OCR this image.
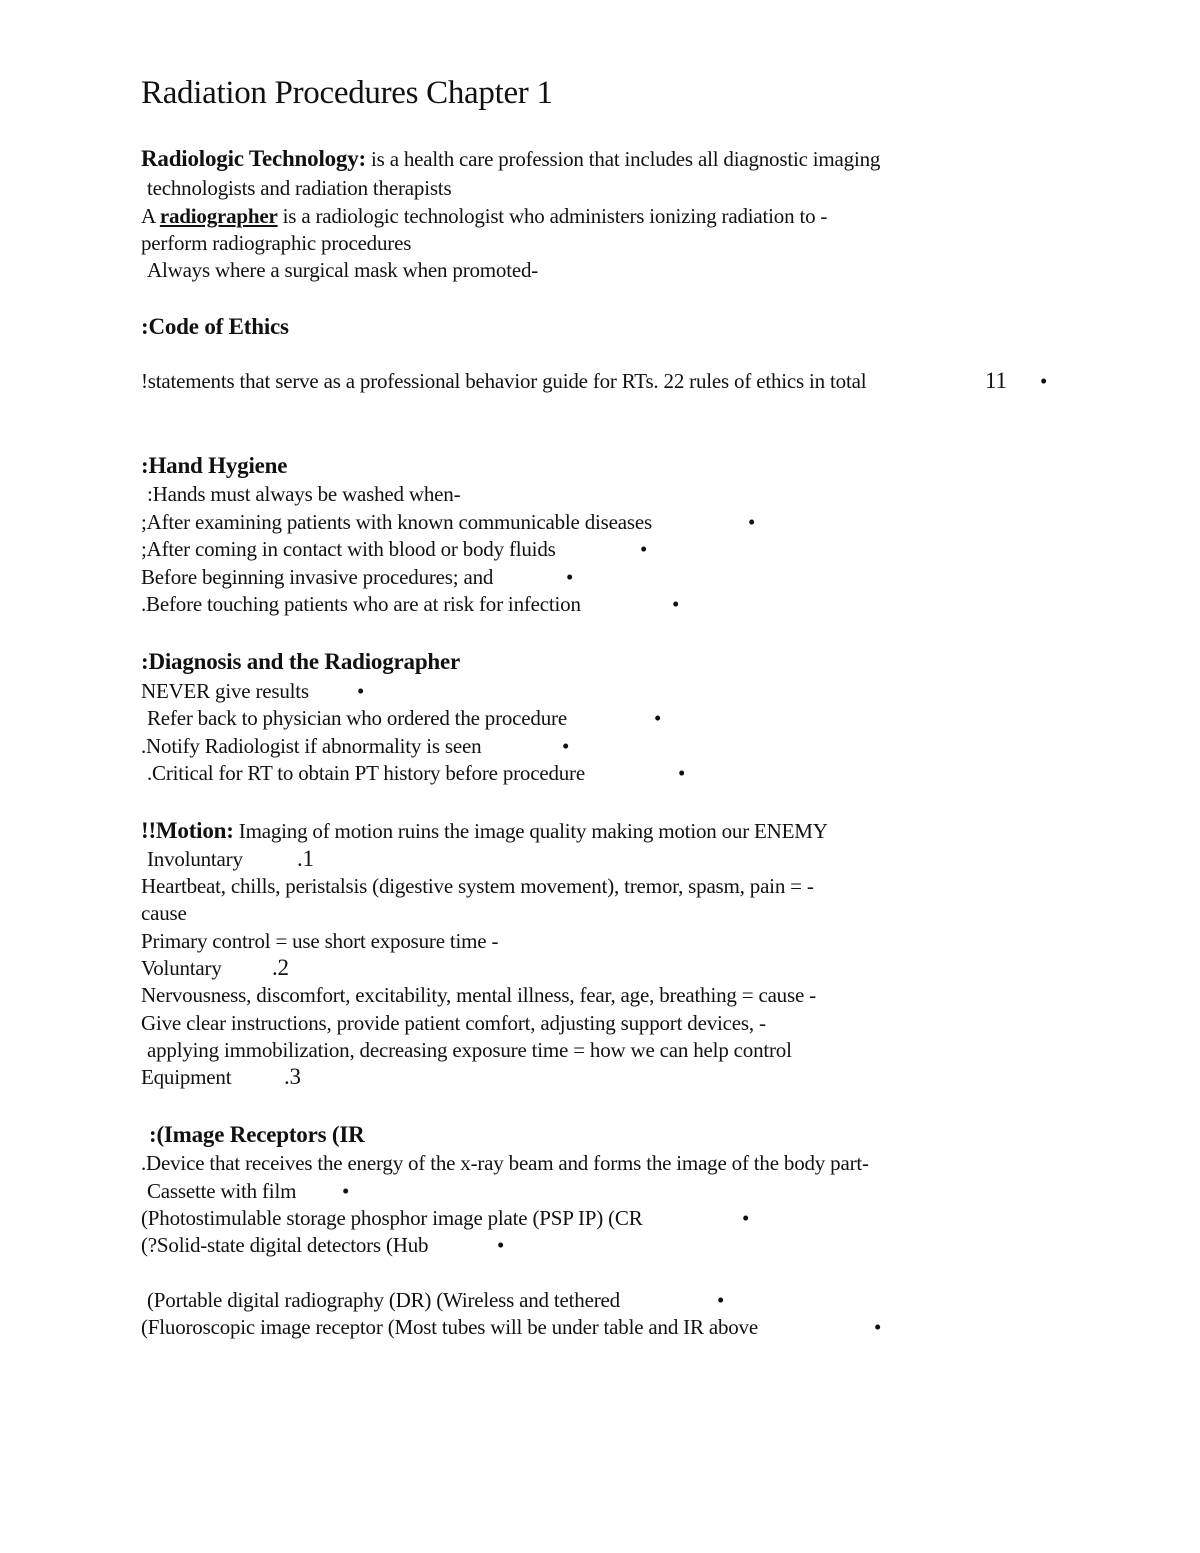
Radiation Procedures Chapter 1
Radiologic Technology: is a health care profession that includes all diagnostic imaging
technologists and radiation therapists
A radiographer is a radiologic technologist who administers ionizing radiation to -
perform radiographic procedures
Always where a surgical mask when promoted-
:Code of Ethics
!statements that serve as a professional behavior guide for RTs. 22 rules of ethics in total	11 •
:Hand Hygiene
:Hands must always be washed when-
;After examining patients with known communicable diseases	•
;After coming in contact with blood or body fluids	•
Before beginning invasive procedures; and	•
.Before touching patients who are at risk for infection	•
:Diagnosis and the Radiographer
NEVER give results •
Refer back to physician who ordered the procedure	•
.Notify Radiologist if abnormality is seen	•
.Critical for RT to obtain PT history before procedure	•
!!Motion: Imaging of motion ruins the image quality making motion our ENEMY
Involuntary .1
Heartbeat, chills, peristalsis (digestive system movement), tremor, spasm, pain = -
cause
Primary control = use short exposure time -
Voluntary .2
Nervousness, discomfort, excitability, mental illness, fear, age, breathing = cause -
Give clear instructions, provide patient comfort, adjusting support devices, -
applying immobilization, decreasing exposure time = how we can help control
Equipment .3
:(Image Receptors (IR
.Device that receives the energy of the x-ray beam and forms the image of the body part-
Cassette with film •
(Photostimulable storage phosphor image plate (PSP IP) (CR	•
(?Solid-state digital detectors (Hub	•
(Portable digital radiography (DR) (Wireless and tethered	•
(Fluoroscopic image receptor (Most tubes will be under table and IR above	•
